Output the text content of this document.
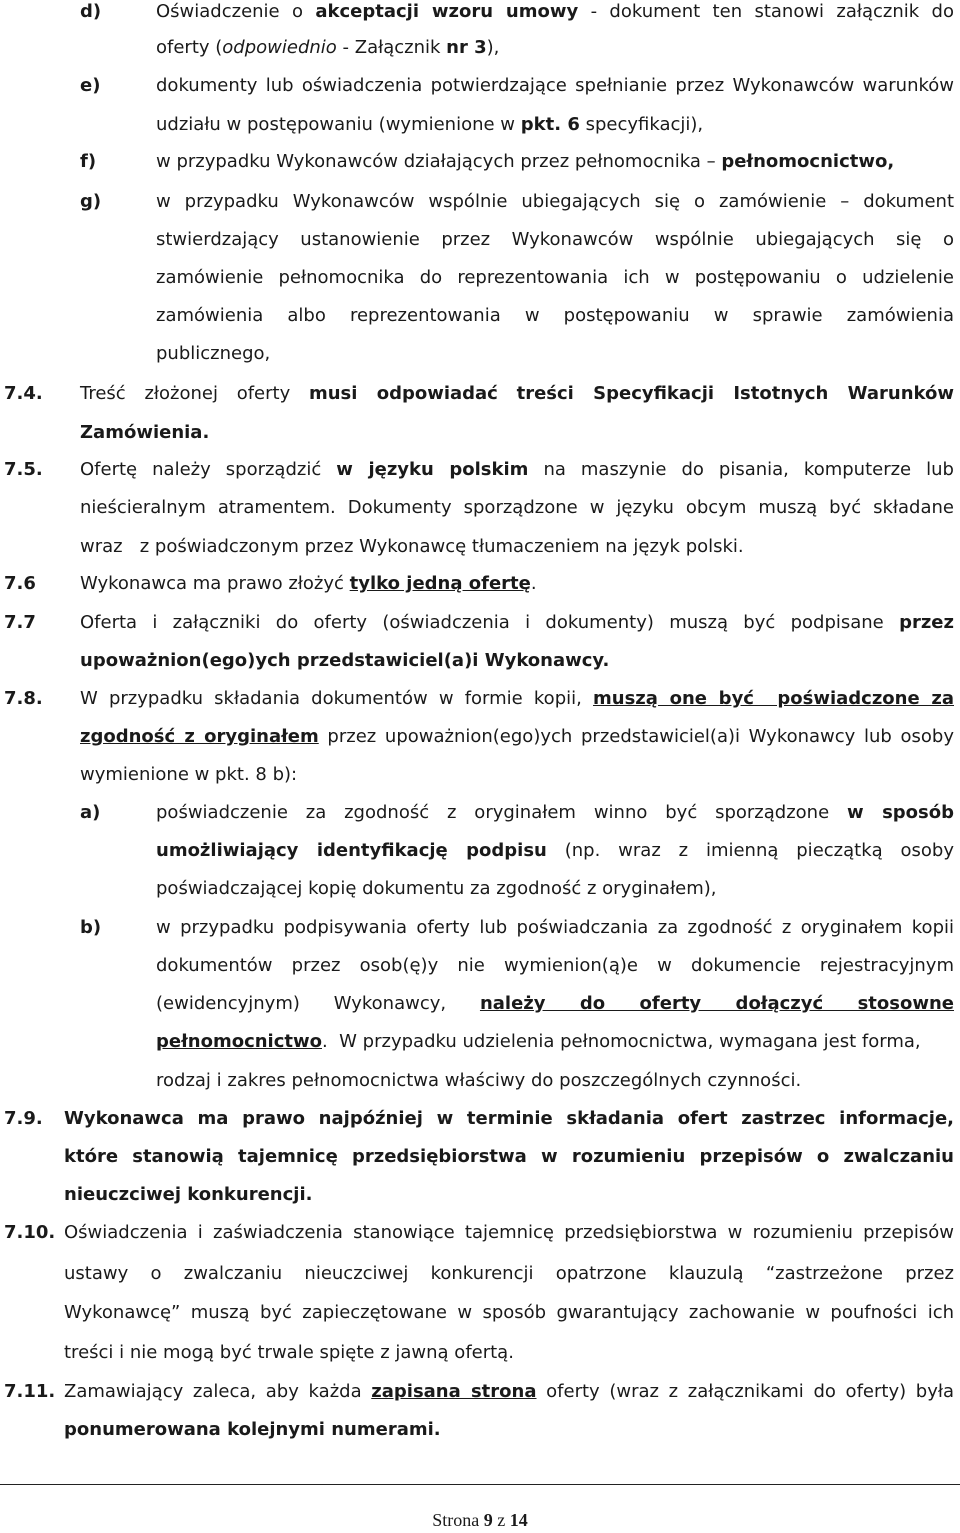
d)	Oświadczenie o akceptacji wzoru umowy - dokument ten stanowi załącznik do
oferty (odpowiednio - Załącznik nr 3),
e)	dokumenty lub oświadczenia potwierdzające spełnianie przez Wykonawców warunków
udziału w postępowaniu (wymienione w pkt. 6 specyfikacji),
f)	w przypadku Wykonawców działających przez pełnomocnika – pełnomocnictwo,
g)	w przypadku Wykonawców wspólnie ubiegających się o zamówienie – dokument
stwierdzający ustanowienie przez Wykonawców wspólnie ubiegających się o
zamówienie pełnomocnika do reprezentowania ich w postępowaniu o udzielenie
zamówienia albo reprezentowania w postępowaniu w sprawie zamówienia
publicznego,
7.4. Treść złożonej oferty musi odpowiadać treści Specyfikacji Istotnych Warunków
Zamówienia.
7.5. Ofertę należy sporządzić w języku polskim na maszynie do pisania, komputerze lub
nieścieralnym atramentem. Dokumenty sporządzone w języku obcym muszą być składane
wraz   z poświadczonym przez Wykonawcę tłumaczeniem na język polski.
7.6 Wykonawca ma prawo złożyć tylko jedną ofertę.
7.7 Oferta i załączniki do oferty (oświadczenia i dokumenty) muszą być podpisane przez
upoważnion(ego)ych przedstawiciel(a)i Wykonawcy.
7.8. W przypadku składania dokumentów w formie kopii, muszą one być  poświadczone za
zgodność z oryginałem przez upoważnion(ego)ych przedstawiciel(a)i Wykonawcy lub osoby
wymienione w pkt. 8 b):
a)	poświadczenie za zgodność z oryginałem winno być sporządzone w sposób
umożliwiający identyfikację podpisu (np. wraz z imienną pieczątką osoby
poświadczającej kopię dokumentu za zgodność z oryginałem),
b)	w przypadku podpisywania oferty lub poświadczania za zgodność z oryginałem kopii
dokumentów przez osob(ę)y nie wymienion(ą)e w dokumencie rejestracyjnym
(ewidencyjnym) Wykonawcy, należy do oferty dołączyć stosowne
pełnomocnictwo.  W przypadku udzielenia pełnomocnictwa, wymagana jest forma,
rodzaj i zakres pełnomocnictwa właściwy do poszczególnych czynności.
7.9. Wykonawca ma prawo najpóźniej w terminie składania ofert zastrzec informacje,
które stanowią tajemnicę przedsiębiorstwa w rozumieniu przepisów o zwalczaniu
nieuczciwej konkurencji.
7.10. Oświadczenia i zaświadczenia stanowiące tajemnicę przedsiębiorstwa w rozumieniu przepisów
ustawy o zwalczaniu nieuczciwej konkurencji opatrzone klauzulą “zastrzeżone przez
Wykonawcę” muszą być zapieczętowane w sposób gwarantujący zachowanie w poufności ich
treści i nie mogą być trwale spięte z jawną ofertą.
7.11. Zamawiający zaleca, aby każda zapisana strona oferty (wraz z załącznikami do oferty) była
ponumerowana kolejnymi numerami.
Strona 9 z 14
